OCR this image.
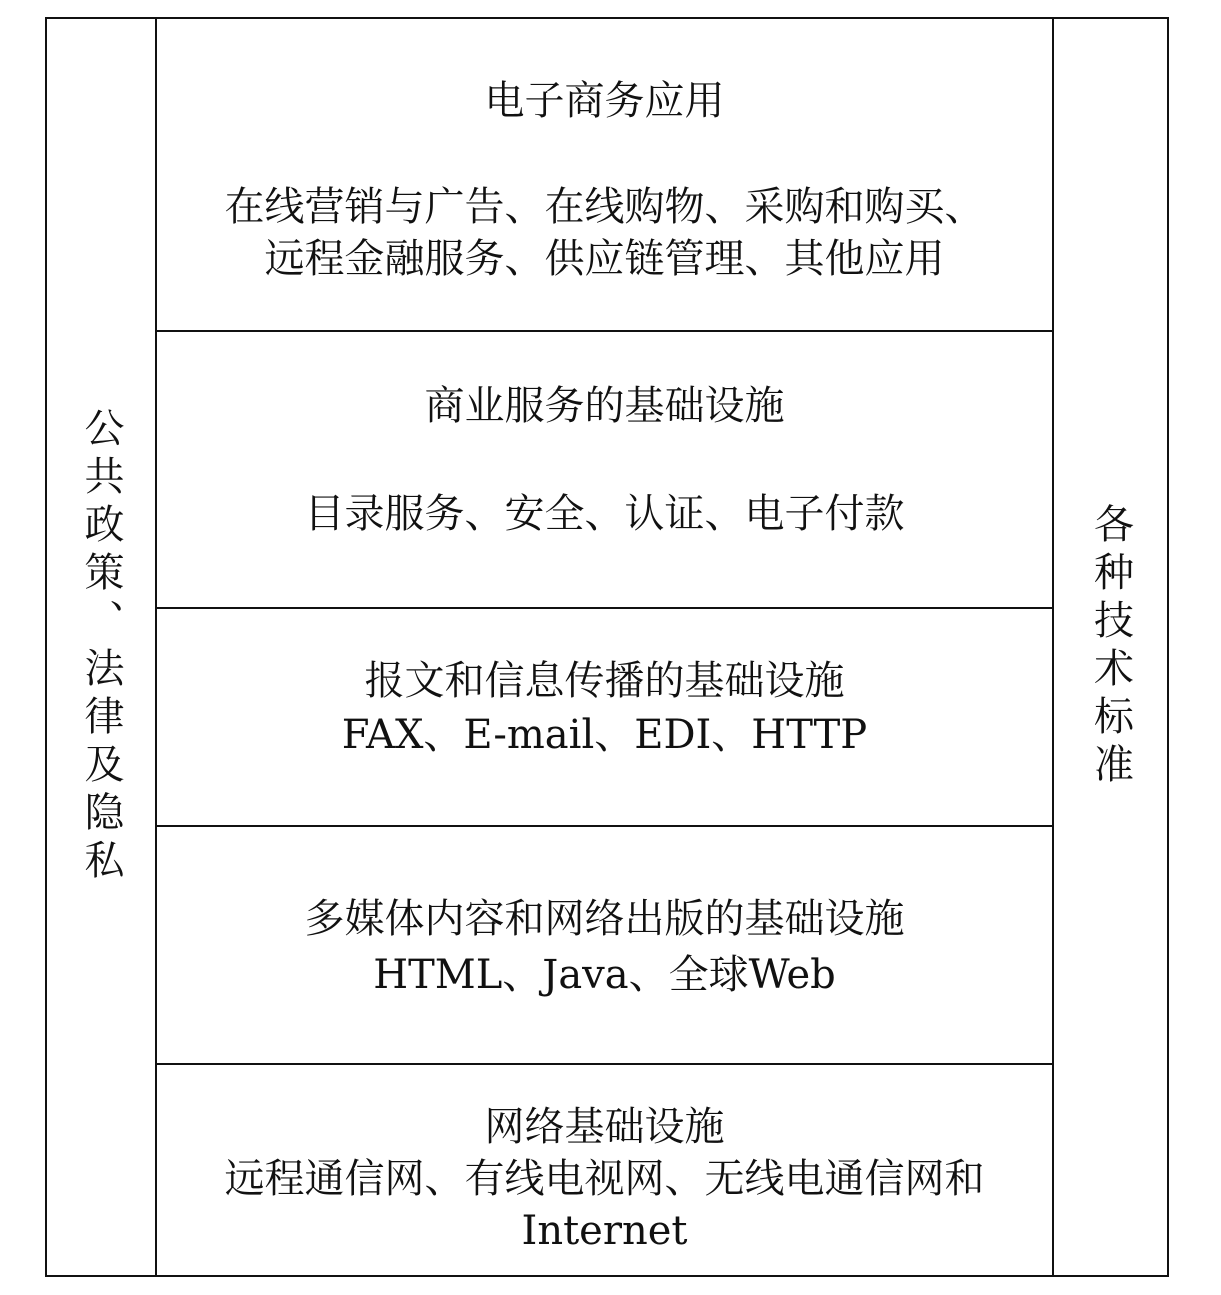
公共政策、法律及隐私
电子商务应用
在线营销与广告、在线购物、采购和购买、
远程金融服务、供应链管理、其他应用
商业服务的基础设施
目录服务、安全、认证、电子付款
报文和信息传播的基础设施
FAX、E-mail、EDI、HTTP
多媒体内容和网络出版的基础设施
HTML、Java、全球Web
网络基础设施
远程通信网、有线电视网、无线电通信网和
Internet
各种技术标准
